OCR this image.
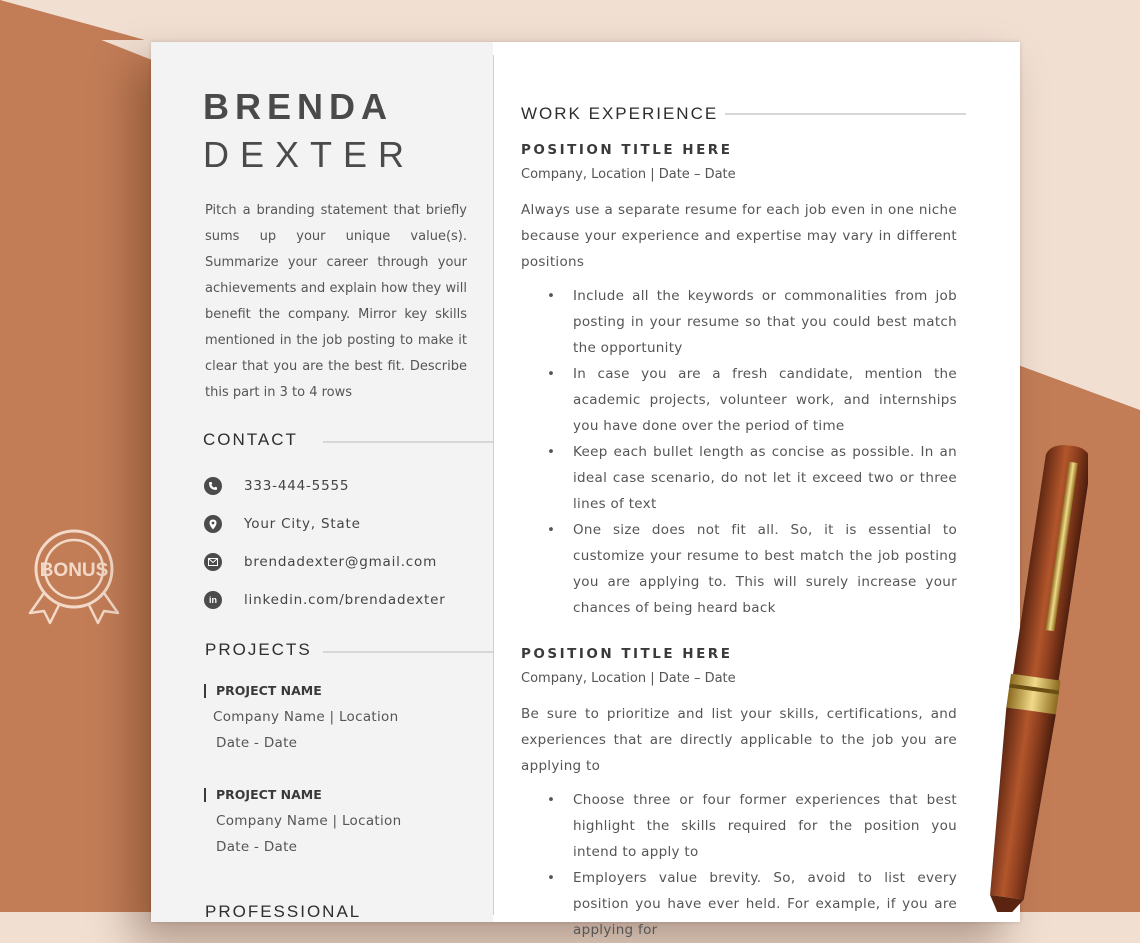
BONUS
BRENDA
DEXTER

Pitch a branding statement that briefly sums up your unique value(s). Summarize your career through your achievements and explain how they will benefit the company. Mirror key skills mentioned in the job posting to make it clear that you are the best fit. Describe this part in 3 to 4 rows

CONTACT
333-444-5555
Your City, State
brendadexter@gmail.com
in linkedin.com/brendadexter
PROJECTS
PROJECT NAME
Company Name | Location
Date - Date
PROJECT NAME
Company Name | Location
Date - Date
PROFESSIONAL
WORK EXPERIENCE
POSITION TITLE HERE
Company, Location | Date – Date

Always use a separate resume for each job even in one niche because your experience and expertise may vary in different positions

• Include all the keywords or commonalities from job posting in your resume so that you could best match the opportunity
• In case you are a fresh candidate, mention the academic projects, volunteer work, and internships you have done over the period of time
• Keep each bullet length as concise as possible. In an ideal case scenario, do not let it exceed two or three lines of text
• One size does not fit all. So, it is essential to customize your resume to best match the job posting you are applying to. This will surely increase your chances of being heard back
POSITION TITLE HERE
Company, Location | Date – Date

Be sure to prioritize and list your skills, certifications, and experiences that are directly applicable to the job you are applying to

• Choose three or four former experiences that best highlight the skills required for the position you intend to apply to
• Employers value brevity. So, avoid to list every position you have ever held. For example, if you are applying for
